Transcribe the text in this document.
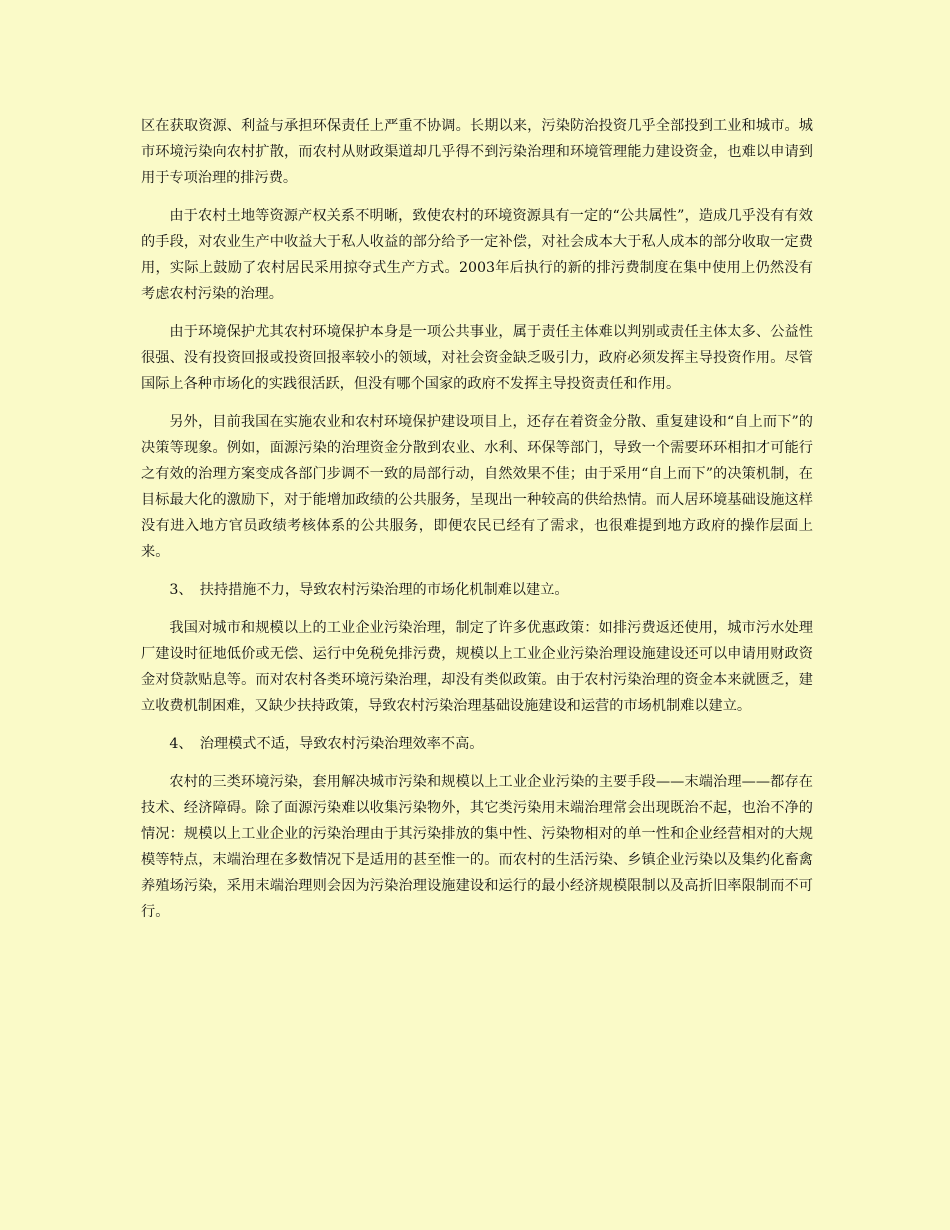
区在获取资源、利益与承担环保责任上严重不协调。长期以来，污染防治投资几乎全部投到工业和城市。城市环境污染向农村扩散，而农村从财政渠道却几乎得不到污染治理和环境管理能力建设资金，也难以申请到用于专项治理的排污费。

由于农村土地等资源产权关系不明晰，致使农村的环境资源具有一定的“公共属性”，造成几乎没有有效的手段，对农业生产中收益大于私人收益的部分给予一定补偿，对社会成本大于私人成本的部分收取一定费用，实际上鼓励了农村居民采用掠夺式生产方式。2003年后执行的新的排污费制度在集中使用上仍然没有考虑农村污染的治理。

由于环境保护尤其农村环境保护本身是一项公共事业，属于责任主体难以判别或责任主体太多、公益性很强、没有投资回报或投资回报率较小的领域，对社会资金缺乏吸引力，政府必须发挥主导投资作用。尽管国际上各种市场化的实践很活跃，但没有哪个国家的政府不发挥主导投资责任和作用。

另外，目前我国在实施农业和农村环境保护建设项目上，还存在着资金分散、重复建设和“自上而下”的决策等现象。例如，面源污染的治理资金分散到农业、水利、环保等部门，导致一个需要环环相扣才可能行之有效的治理方案变成各部门步调不一致的局部行动，自然效果不佳；由于采用“自上而下”的决策机制，在目标最大化的激励下，对于能增加政绩的公共服务，呈现出一种较高的供给热情。而人居环境基础设施这样没有进入地方官员政绩考核体系的公共服务，即便农民已经有了需求，也很难提到地方政府的操作层面上来。

3、　扶持措施不力，导致农村污染治理的市场化机制难以建立。

我国对城市和规模以上的工业企业污染治理，制定了许多优惠政策：如排污费返还使用，城市污水处理厂建设时征地低价或无偿、运行中免税免排污费，规模以上工业企业污染治理设施建设还可以申请用财政资金对贷款贴息等。而对农村各类环境污染治理，却没有类似政策。由于农村污染治理的资金本来就匮乏，建立收费机制困难，又缺少扶持政策，导致农村污染治理基础设施建设和运营的市场机制难以建立。

4、　治理模式不适，导致农村污染治理效率不高。

农村的三类环境污染，套用解决城市污染和规模以上工业企业污染的主要手段——末端治理——都存在技术、经济障碍。除了面源污染难以收集污染物外，其它类污染用末端治理常会出现既治不起，也治不净的情况：规模以上工业企业的污染治理由于其污染排放的集中性、污染物相对的单一性和企业经营相对的大规模等特点，末端治理在多数情况下是适用的甚至惟一的。而农村的生活污染、乡镇企业污染以及集约化畜禽养殖场污染，采用末端治理则会因为污染治理设施建设和运行的最小经济规模限制以及高折旧率限制而不可行。
